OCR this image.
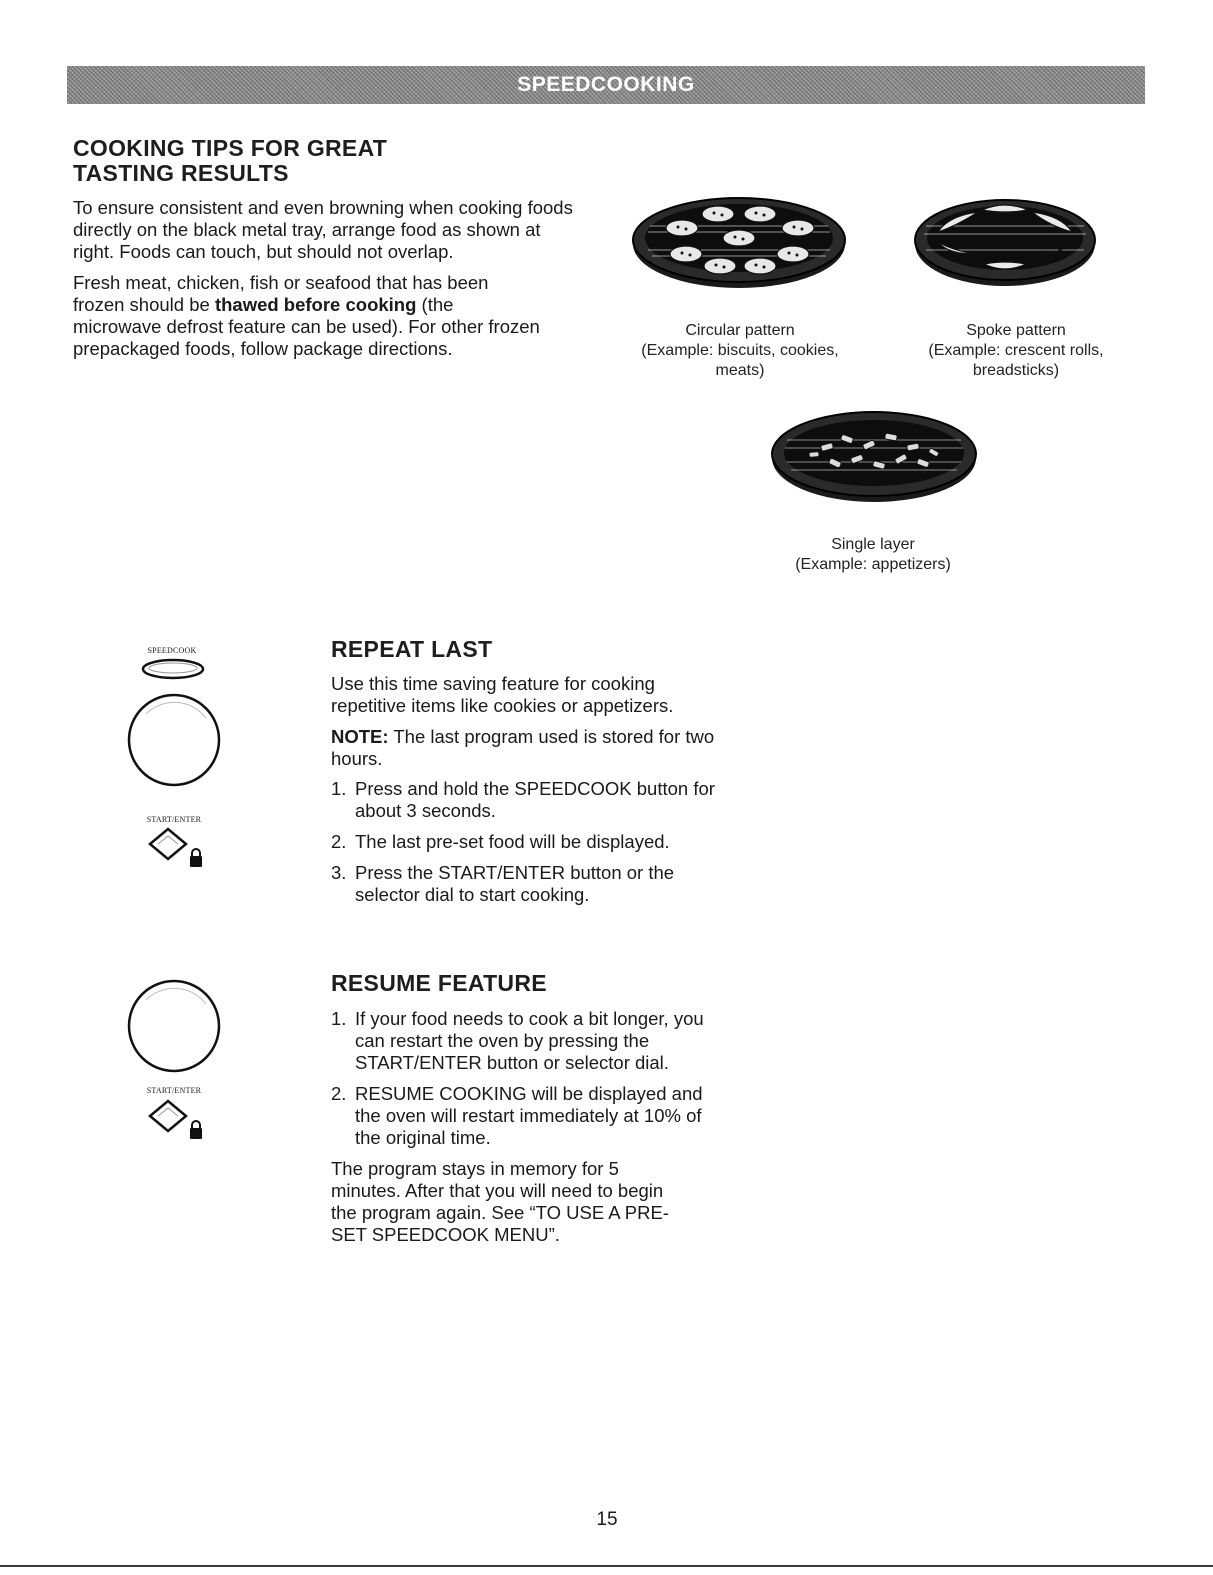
SPEEDCOOKING
COOKING TIPS FOR GREAT
TASTING RESULTS

To ensure consistent and even browning when cooking foods directly on the black metal tray, arrange food as shown at right. Foods can touch, but should not overlap.

Fresh meat, chicken, fish or seafood that has been frozen should be thawed before cooking (the microwave defrost feature can be used). For other frozen prepackaged foods, follow package directions.

Circular pattern
(Example: biscuits, cookies,
meats)
Spoke pattern
(Example: crescent rolls,
breadsticks)
Single layer
(Example: appetizers)
SPEEDCOOK
START/ENTER
REPEAT LAST

Use this time saving feature for cooking repetitive items like cookies or appetizers.

NOTE: The last program used is stored for two hours.

1. Press and hold the SPEEDCOOK button for about 3 seconds.
2. The last pre-set food will be displayed.
3. Press the START/ENTER button or the selector dial to start cooking.
START/ENTER
RESUME FEATURE
1. If your food needs to cook a bit longer, you can restart the oven by pressing the START/ENTER button or selector dial.
2. RESUME COOKING will be displayed and the oven will restart immediately at 10% of the original time.

The program stays in memory for 5 minutes. After that you will need to begin the program again. See “TO USE A PRE-SET SPEEDCOOK MENU”.

15
